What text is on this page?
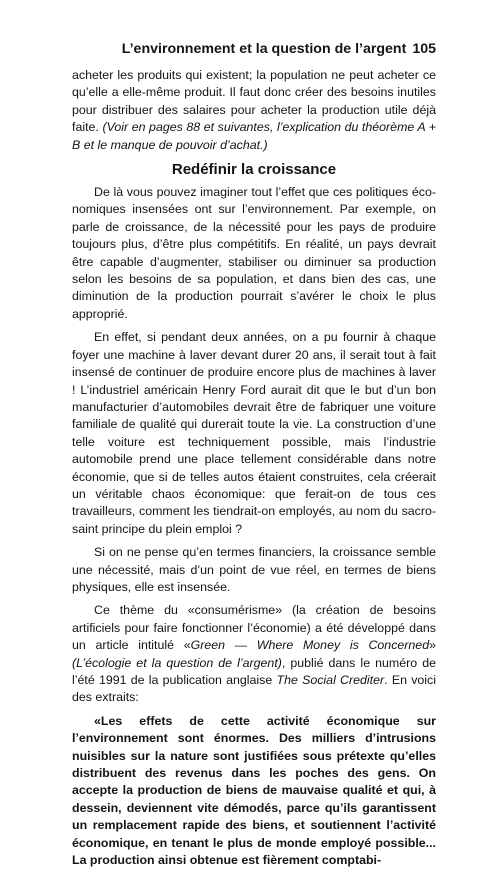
L’environnement et la question de l’argent 105

acheter les produits qui existent; la population ne peut acheter ce qu’elle a elle-même produit. Il faut donc créer des besoins inutiles pour distribuer des salaires pour acheter la production utile déjà faite. (Voir en pages 88 et suivantes, l’explication du théorème A + B et le manque de pouvoir d’achat.)

Redéfinir la croissance

De là vous pouvez imaginer tout l’effet que ces politiques économiques insensées ont sur l’environnement. Par exemple, on parle de croissance, de la nécessité pour les pays de produire toujours plus, d’être plus compétitifs. En réalité, un pays devrait être capable d’augmenter, stabiliser ou diminuer sa production selon les besoins de sa population, et dans bien des cas, une diminution de la production pourrait s’avérer le choix le plus approprié.

En effet, si pendant deux années, on a pu fournir à chaque foyer une machine à laver devant durer 20 ans, il serait tout à fait insensé de continuer de produire encore plus de machines à laver ! L’industriel américain Henry Ford aurait dit que le but d’un bon manufacturier d’automobiles devrait être de fabriquer une voiture familiale de qualité qui durerait toute la vie. La construction d’une telle voiture est techniquement possible, mais l’industrie automobile prend une place tellement considérable dans notre économie, que si de telles autos étaient construites, cela créerait un véritable chaos économique: que ferait-on de tous ces travailleurs, comment les tiendrait-on employés, au nom du sacro-saint principe du plein emploi ?

Si on ne pense qu’en termes financiers, la croissance semble une nécessité, mais d’un point de vue réel, en termes de biens physiques, elle est insensée.

Ce thème du «consumérisme» (la création de besoins artificiels pour faire fonctionner l’économie) a été développé dans un article intitulé «Green — Where Money is Concerned» (L’écologie et la question de l’argent), publié dans le numéro de l’été 1991 de la publication anglaise The Social Crediter. En voici des extraits:

«Les effets de cette activité économique sur l’environnement sont énormes. Des milliers d’intrusions nuisibles sur la nature sont justifiées sous prétexte qu’elles distribuent des revenus dans les poches des gens. On accepte la production de biens de mauvaise qualité et qui, à dessein, deviennent vite démodés, parce qu’ils garantissent un remplacement rapide des biens, et soutiennent l’activité économique, en tenant le plus de monde employé possible... La production ainsi obtenue est fièrement comptabi-
